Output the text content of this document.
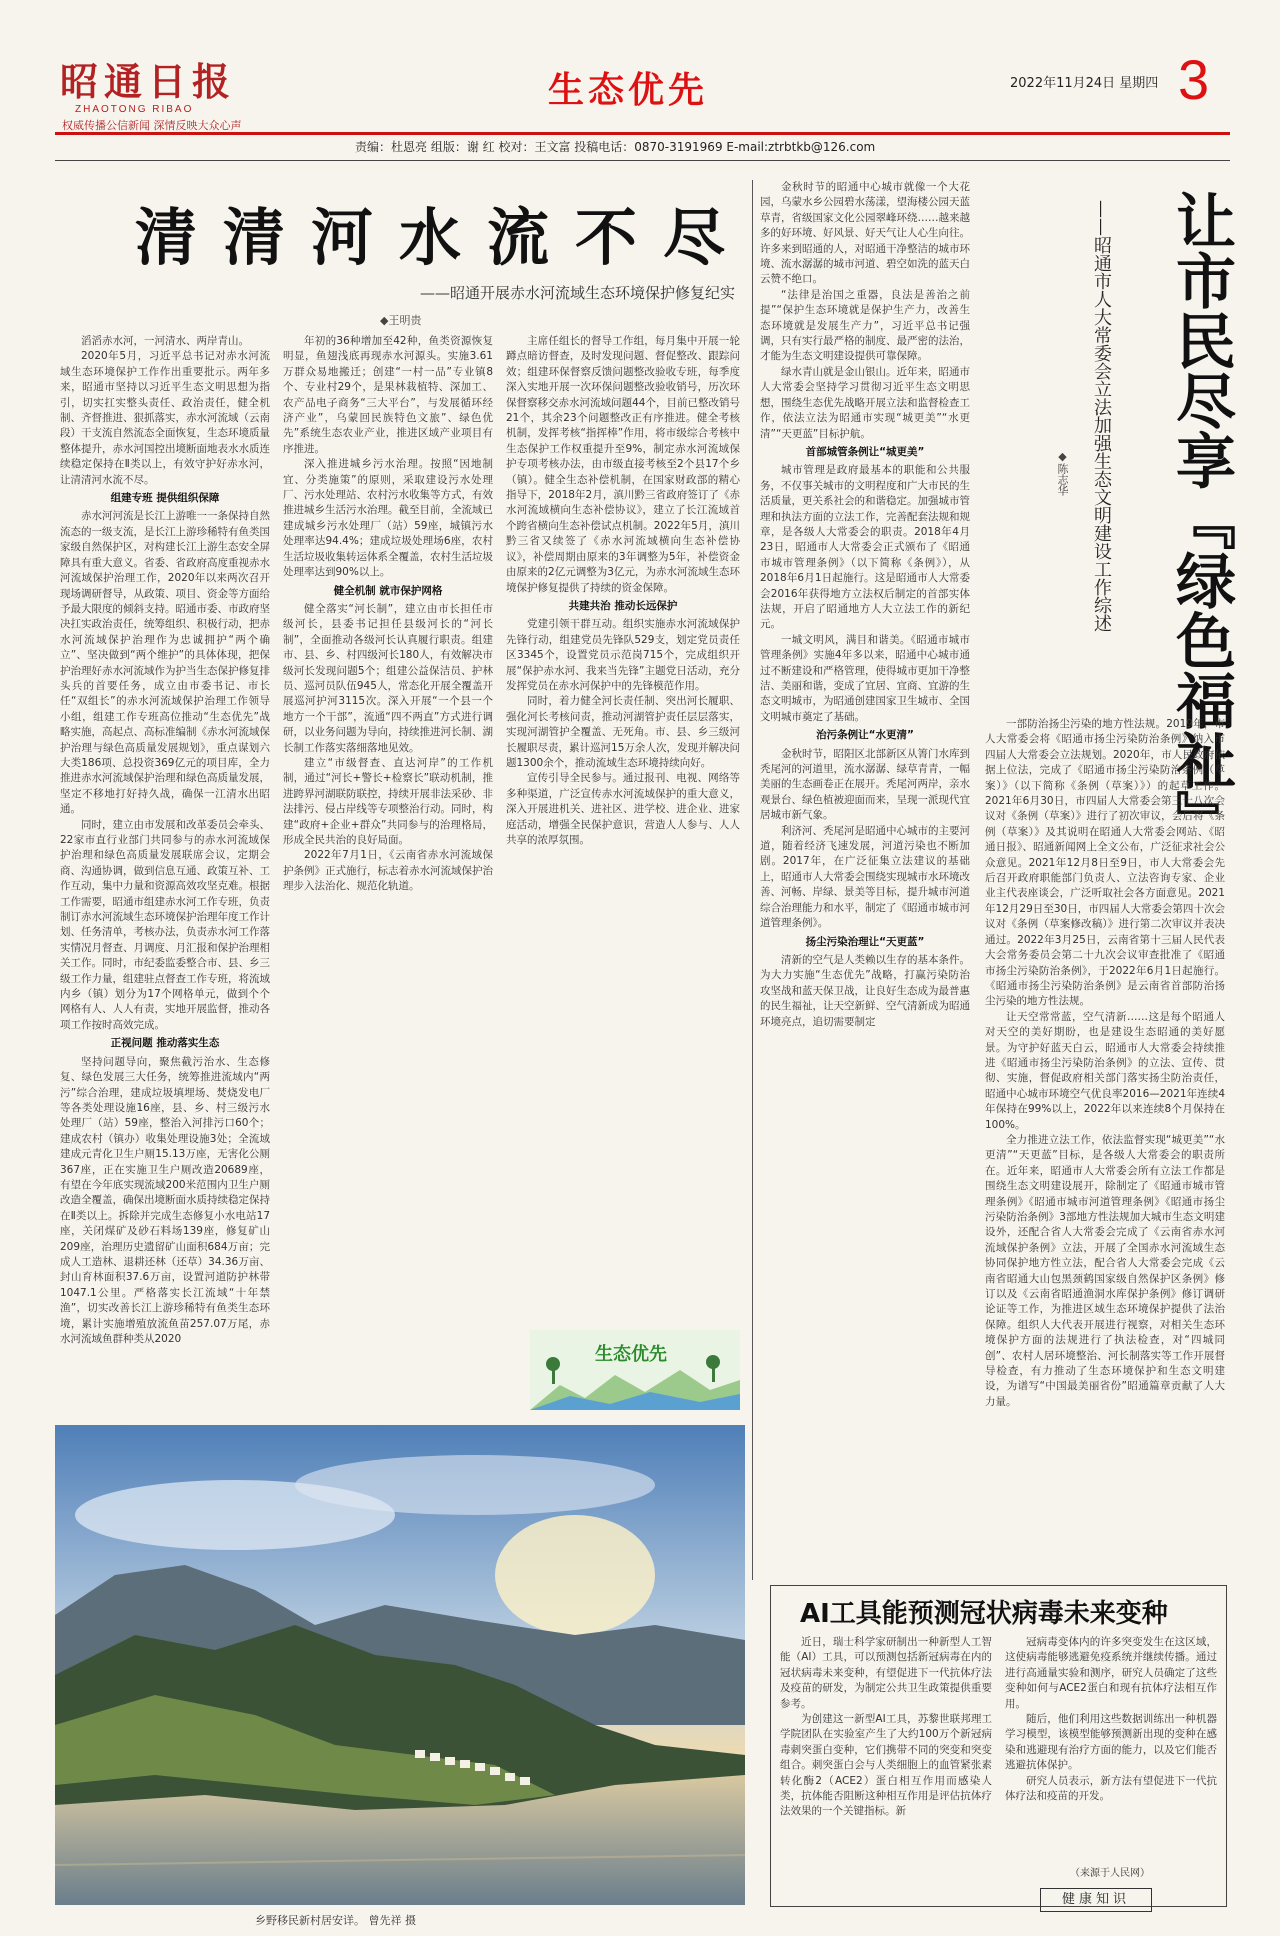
昭通日报
ZHAOTONG RIBAO
权威传播公信新闻 深情反映大众心声
生态优先	2022年11月24日 星期四 3
责编：杜恩亮 组版：谢 红 校对：王文富 投稿电话：0870-3191969 E-mail:ztrbtkb@126.com
清清河水流不尽
——昭通开展赤水河流域生态环境保护修复纪实
◆王明贵

滔滔赤水河，一河清水、两岸青山。

2020年5月，习近平总书记对赤水河流域生态环境保护工作作出重要批示。两年多来，昭通市坚持以习近平生态文明思想为指引，切实扛实整头责任、政治责任，健全机制、齐督推进、狠抓落实，赤水河流域（云南段）干支流自然流态全面恢复，生态环境质量整体提升，赤水河国控出境断面地表水水质连续稳定保持在Ⅱ类以上，有效守护好赤水河，让清清河水流不尽。

组建专班 提供组织保障

赤水河河流是长江上游唯一一条保持自然流态的一级支流，是长江上游珍稀特有鱼类国家级自然保护区，对构建长江上游生态安全屏障具有重大意义。省委、省政府高度重视赤水河流域保护治理工作，2020年以来两次召开现场调研督导，从政策、项目、资金等方面给予最大限度的倾斜支持。昭通市委、市政府坚决扛实政治责任，统筹组织、积极行动，把赤水河流域保护治理作为忠诚拥护“两个确立”、坚决做到“两个维护”的具体体现，把保护治理好赤水河流域作为护当生态保护修复排头兵的首要任务，成立由市委书记、市长任“双组长”的赤水河流域保护治理工作领导小组，组建工作专班高位推动“生态优先”战略实施，高起点、高标准编制《赤水河流域保护治理与绿色高质量发展规划》，重点谋划六大类186项、总投资369亿元的项目库，全力推进赤水河流域保护治理和绿色高质量发展，坚定不移地打好持久战，确保一江清水出昭通。

同时，建立由市发展和改革委员会牵头、22家市直行业部门共同参与的赤水河流域保护治理和绿色高质量发展联席会议，定期会商、沟通协调，做到信息互通、政策互补、工作互动，集中力量和资源高效攻坚克难。根据工作需要，昭通市组建赤水河工作专班，负责制订赤水河流域生态环境保护治理年度工作计划、任务清单，考核办法，负责赤水河工作落实情况月督查、月调度、月汇报和保护治理相关工作。同时，市纪委监委整合市、县、乡三级工作力量，组建驻点督查工作专班，将流域内乡（镇）划分为17个网格单元，做到个个网格有人、人人有责，实地开展监督，推动各项工作按时高效完成。

正视问题 推动落实生态

坚持问题导向，聚焦截污治水、生态修复、绿色发展三大任务，统筹推进流域内“两污”综合治理，建成垃圾填埋场、焚烧发电厂等各类处理设施16座，县、乡、村三级污水处理厂（站）59座，整治入河排污口60个；建成农村（镇办）收集处理设施3处；全流域建成元青化卫生户厕15.13万座，无害化公厕367座，正在实施卫生户厕改造20689座，有望在今年底实现流域200米范围内卫生户厕改造全覆盖，确保出境断面水质持续稳定保持在Ⅱ类以上。拆除并完成生态修复小水电站17座，关闭煤矿及砂石料场139座，修复矿山209座，治理历史遗留矿山面积684万亩；完成人工造林、退耕还林（还草）34.36万亩、封山育林面积37.6万亩，设置河道防护林带1047.1公里。严格落实长江流域“十年禁渔”，切实改善长江上游珍稀特有鱼类生态环境，累计实施增殖放流鱼苗257.07万尾，赤水河流域鱼群种类从2020

年初的36种增加至42种，鱼类资源恢复明显，鱼翅浅底再现赤水河源头。实施3.61万群众易地搬迁；创建“一村一品”专业镇8个、专业村29个，是果林栽植特、深加工、农产品电子商务“三大平台”，与发展循环经济产业”，乌蒙回民族特色文旅”、绿色优先”系统生态农业产业，推进区域产业项目有序推进。

深入推进城乡污水治理。按照“因地制宜、分类施策”的原则，采取建设污水处理厂、污水处理站、农村污水收集等方式，有效推进城乡生活污水治理。截至目前，全流域已建成城乡污水处理厂（站）59座，城镇污水处理率达94.4%；建成垃圾处理场6座，农村生活垃圾收集转运体系全覆盖，农村生活垃圾处理率达到90%以上。

健全机制 就市保护网格

健全落实“河长制”，建立由市长担任市级河长，县委书记担任县级河长的“河长制”，全面推动各级河长认真履行职责。组建市、县、乡、村四级河长180人，有效解决市级河长发现问题5个；组建公益保洁员、护林员、巡河员队伍945人，常态化开展全覆盖开展巡河护河3115次。深入开展“一个县一个地方一个干部”，流通“四不两直”方式进行调研，以业务问题为导向，持续推进河长制、湖长制工作落实落细落地见效。

建立“市级督查、直达河岸”的工作机制，通过“河长+警长+检察长”联动机制，推进跨界河湖联防联控，持续开展非法采砂、非法排污、侵占岸线等专项整治行动。同时，构建“政府+企业+群众”共同参与的治理格局，形成全民共治的良好局面。

2022年7月1日，《云南省赤水河流域保护条例》正式施行，标志着赤水河流域保护治理步入法治化、规范化轨道。

主席任组长的督导工作组，每月集中开展一轮蹲点暗访督查，及时发现问题、督促整改、跟踪问效；组建环保督察反馈问题整改验收专班，每季度深入实地开展一次环保问题整改验收销号，历次环保督察移交赤水河流域问题44个，目前已整改销号21个，其余23个问题整改正有序推进。健全考核机制，发挥考核“指挥棒”作用，将市级综合考核中生态保护工作权重提升至9%，制定赤水河流域保护专项考核办法，由市级直接考核至2个县17个乡（镇）。健全生态补偿机制，在国家财政部的精心指导下，2018年2月，滇川黔三省政府签订了《赤水河流域横向生态补偿协议》，建立了长江流域首个跨省横向生态补偿试点机制。2022年5月，滇川黔三省又续签了《赤水河流域横向生态补偿协议》，补偿周期由原来的3年调整为5年，补偿资金由原来的2亿元调整为3亿元，为赤水河流域生态环境保护修复提供了持续的资金保障。

共建共治 推动长远保护

党建引领干群互动。组织实施赤水河流域保护先锋行动，组建党员先锋队529支，划定党员责任区3345个，设置党员示范岗715个，完成组织开展“保护赤水河、我来当先锋”主题党日活动，充分发挥党员在赤水河保护中的先锋模范作用。

同时，着力健全河长责任制、突出河长履职、强化河长考核问责，推动河湖管护责任层层落实，实现河湖管护全覆盖、无死角。市、县、乡三级河长履职尽责，累计巡河15万余人次，发现并解决问题1300余个，推动流域生态环境持续向好。

宣传引导全民参与。通过报刊、电视、网络等多种渠道，广泛宣传赤水河流域保护的重大意义，深入开展进机关、进社区、进学校、进企业、进家庭活动，增强全民保护意识，营造人人参与、人人共享的浓厚氛围。

生态优先
乡野移民新村居安详。 曾先祥 摄
让市民尽享『绿色福祉』
——昭通市人大常委会立法加强生态文明建设工作综述
◆陈志华

金秋时节的昭通中心城市就像一个大花园，乌蒙水乡公园碧水荡漾，望海楼公园天蓝草青，省级国家文化公园翠峰环绕……越来越多的好环境、好风景、好天气让人心生向往。许多来到昭通的人，对昭通干净整洁的城市环境、流水潺潺的城市河道、碧空如洗的蓝天白云赞不绝口。

“法律是治国之重器，良法是善治之前提”“保护生态环境就是保护生产力，改善生态环境就是发展生产力”，习近平总书记强调，只有实行最严格的制度、最严密的法治，才能为生态文明建设提供可靠保障。

绿水青山就是金山银山。近年来，昭通市人大常委会坚持学习贯彻习近平生态文明思想，围绕生态优先战略开展立法和监督检查工作，依法立法为昭通市实现“城更美”“水更清”“天更蓝”目标护航。

首部城管条例让“城更美”

城市管理是政府最基本的职能和公共服务，不仅事关城市的文明程度和广大市民的生活质量，更关系社会的和谐稳定。加强城市管理和执法方面的立法工作，完善配套法规和规章，是各级人大常委会的职责。2018年4月23日，昭通市人大常委会正式颁布了《昭通市城市管理条例》（以下简称《条例》），从2018年6月1日起施行。这是昭通市人大常委会2016年获得地方立法权后制定的首部实体法规，开启了昭通地方人大立法工作的新纪元。

一城文明风，满目和谐美。《昭通市城市管理条例》实施4年多以来，昭通中心城市通过不断建设和严格管理，使得城市更加干净整洁、美丽和谐，变成了宜居、宜商、宜游的生态文明城市，为昭通创建国家卫生城市、全国文明城市奠定了基础。

治污条例让“水更清”

金秋时节，昭阳区北部新区从箐门水库到秃尾河的河道里，流水潺潺、绿草青青，一幅美丽的生态画卷正在展开。秃尾河两岸，亲水观景台、绿色植被迎面而来，呈现一派现代宜居城市新气象。

利济河、秃尾河是昭通中心城市的主要河道，随着经济飞速发展，河道污染也不断加剧。2017年，在广泛征集立法建议的基础上，昭通市人大常委会围绕实现城市水环境改善、河畅、岸绿、景美等目标，提升城市河道综合治理能力和水平，制定了《昭通市城市河道管理条例》。

扬尘污染治理让“天更蓝”

清新的空气是人类赖以生存的基本条件。为大力实施“生态优先”战略，打赢污染防治攻坚战和蓝天保卫战，让良好生态成为最普惠的民生福祉，让天空新鲜、空气清新成为昭通环境亮点，追切需要制定

一部防治扬尘污染的地方性法规。2019年，市人大常委会将《昭通市扬尘污染防治条例》纳入市四届人大常委会立法规划。2020年，市人民政府依据上位法，完成了《昭通市扬尘污染防治条例（草案）》（以下简称《条例（草案）》）的起草工作。2021年6月30日，市四届人大常委会第三十八次会议对《条例（草案）》进行了初次审议，会后将《条例（草案）》及其说明在昭通人大常委会网站、《昭通日报》、昭通新闻网上全文公布，广泛征求社会公众意见。2021年12月8日至9日，市人大常委会先后召开政府职能部门负责人、立法咨询专家、企业业主代表座谈会，广泛听取社会各方面意见。2021年12月29日至30日，市四届人大常委会第四十次会议对《条例（草案修改稿）》进行第二次审议并表决通过。2022年3月25日，云南省第十三届人民代表大会常务委员会第二十九次会议审查批准了《昭通市扬尘污染防治条例》，于2022年6月1日起施行。《昭通市扬尘污染防治条例》是云南省首部防治扬尘污染的地方性法规。

让天空常常蓝，空气清新……这是每个昭通人对天空的美好期盼，也是建设生态昭通的美好愿景。为守护好蓝天白云，昭通市人大常委会持续推进《昭通市扬尘污染防治条例》的立法、宣传、贯彻、实施，督促政府相关部门落实扬尘防治责任，昭通中心城市环境空气优良率2016—2021年连续4年保持在99%以上，2022年以来连续8个月保持在100%。

全力推进立法工作，依法监督实现“城更美”“水更清”“天更蓝”目标，是各级人大常委会的职责所在。近年来，昭通市人大常委会所有立法工作都是围绕生态文明建设展开，除制定了《昭通市城市管理条例》《昭通市城市河道管理条例》《昭通市扬尘污染防治条例》3部地方性法规加大城市生态文明建设外，还配合省人大常委会完成了《云南省赤水河流域保护条例》立法，开展了全国赤水河流域生态协同保护地方性立法，配合省人大常委会完成《云南省昭通大山包黑颈鹤国家级自然保护区条例》修订以及《云南省昭通渔洞水库保护条例》修订调研论证等工作，为推进区域生态环境保护提供了法治保障。组织人大代表开展进行视察，对相关生态环境保护方面的法规进行了执法检查，对“四城同创”、农村人居环境整治、河长制落实等工作开展督导检查，有力推动了生态环境保护和生态文明建设，为谱写“中国最美丽省份”昭通篇章贡献了人大力量。

AI工具能预测冠状病毒未来变种

近日，瑞士科学家研制出一种新型人工智能（AI）工具，可以预测包括新冠病毒在内的冠状病毒未来变种，有望促进下一代抗体疗法及疫苗的研发，为制定公共卫生政策提供重要参考。

为创建这一新型AI工具，苏黎世联邦理工学院团队在实验室产生了大约100万个新冠病毒刺突蛋白变种，它们携带不同的突变和突变组合。刺突蛋白会与人类细胞上的血管紧张素转化酶2（ACE2）蛋白相互作用而感染人类，抗体能否阻断这种相互作用是评估抗体疗法效果的一个关键指标。新

冠病毒变体内的许多突变发生在这区域，这使病毒能够逃避免疫系统并继续传播。通过进行高通量实验和测序，研究人员确定了这些变种如何与ACE2蛋白和现有抗体疗法相互作用。

随后，他们利用这些数据训练出一种机器学习模型，该模型能够预测新出现的变种在感染和逃避现有治疗方面的能力，以及它们能否逃避抗体保护。

研究人员表示，新方法有望促进下一代抗体疗法和疫苗的开发。

（来源于人民网）
健康知识
